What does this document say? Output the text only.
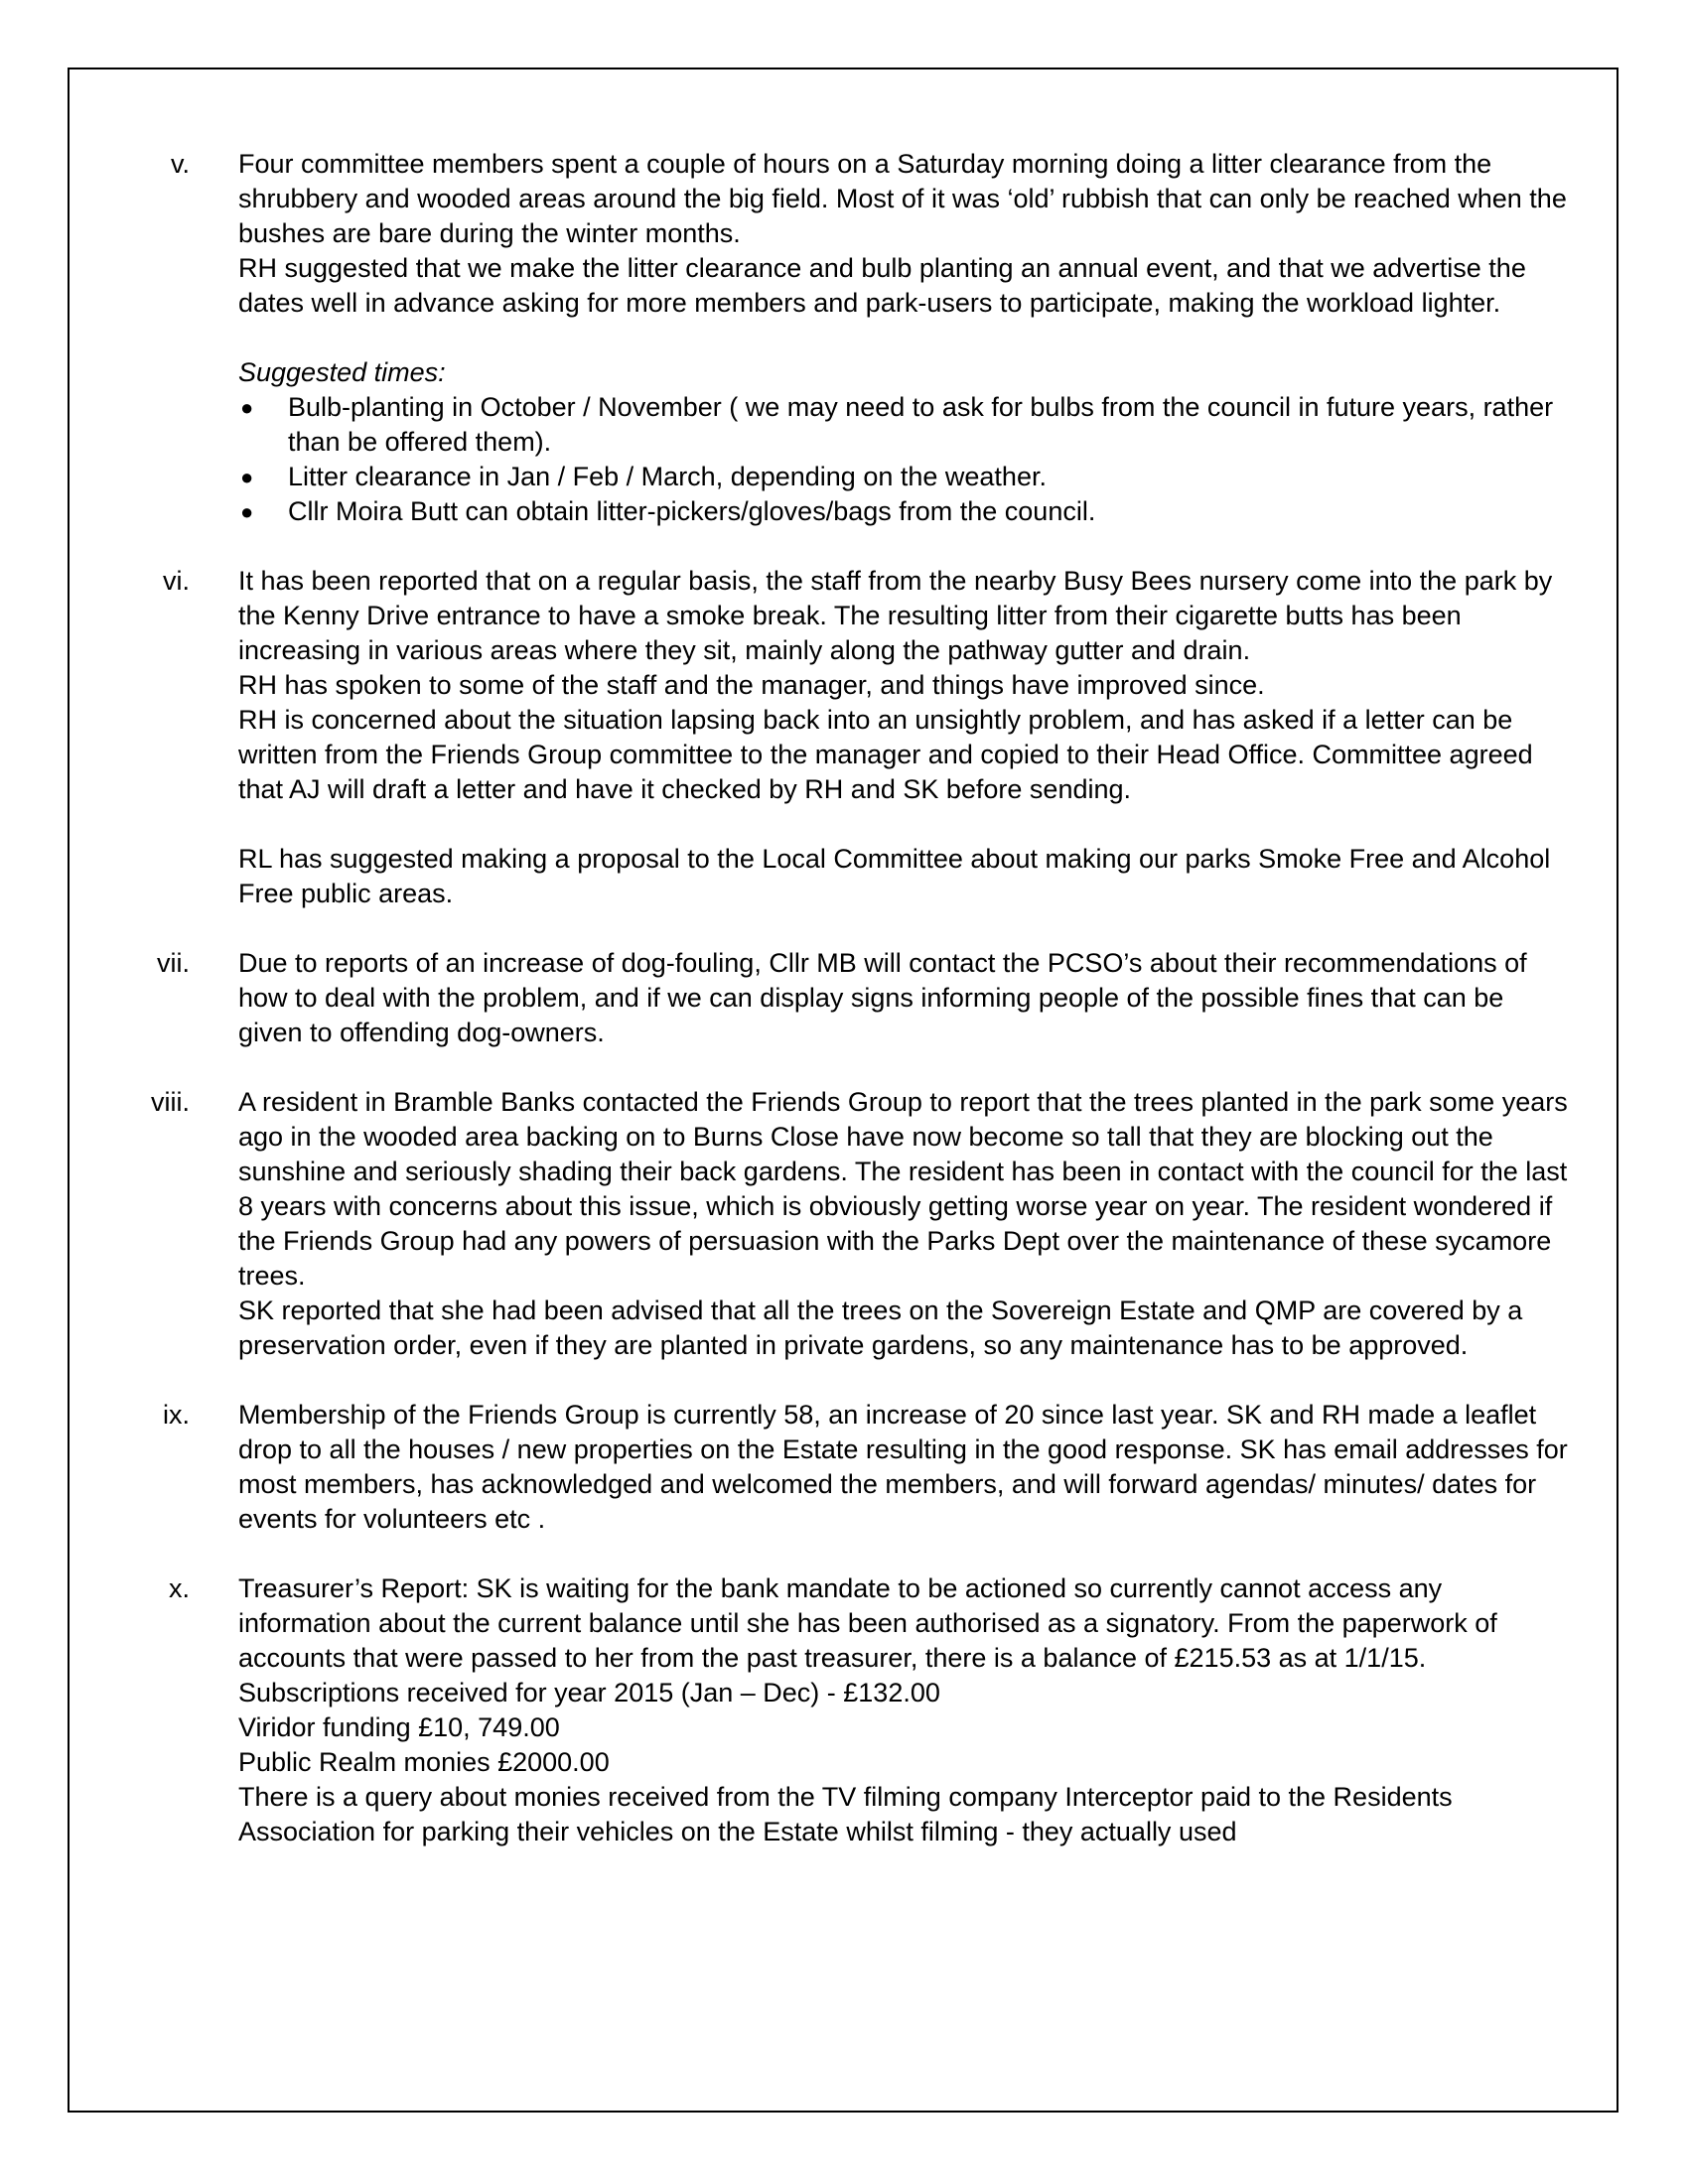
v. Four committee members spent a couple of hours on a Saturday morning doing a litter clearance from the shrubbery and wooded areas around the big field. Most of it was ‘old’ rubbish that can only be reached when the bushes are bare during the winter months.

RH suggested that we make the litter clearance and bulb planting an annual event, and that we advertise the dates well in advance asking for more members and park-users to participate, making the workload lighter.

Suggested times:

● Bulb-planting in October / November ( we may need to ask for bulbs from the council in future years, rather than be offered them).
● Litter clearance in Jan / Feb / March, depending on the weather.
● Cllr Moira Butt can obtain litter-pickers/gloves/bags from the council.
vi. It has been reported that on a regular basis, the staff from the nearby Busy Bees nursery come into the park by the Kenny Drive entrance to have a smoke break. The resulting litter from their cigarette butts has been increasing in various areas where they sit, mainly along the pathway gutter and drain.

RH has spoken to some of the staff and the manager, and things have improved since.

RH is concerned about the situation lapsing back into an unsightly problem, and has asked if a letter can be written from the Friends Group committee to the manager and copied to their Head Office. Committee agreed that AJ will draft a letter and have it checked by RH and SK before sending.

RL has suggested making a proposal to the Local Committee about making our parks Smoke Free and Alcohol Free public areas.

vii. Due to reports of an increase of dog-fouling, Cllr MB will contact the PCSO’s about their recommendations of how to deal with the problem, and if we can display signs informing people of the possible fines that can be given to offending dog-owners.

viii. A resident in Bramble Banks contacted the Friends Group to report that the trees planted in the park some years ago in the wooded area backing on to Burns Close have now become so tall that they are blocking out the sunshine and seriously shading their back gardens. The resident has been in contact with the council for the last 8 years with concerns about this issue, which is obviously getting worse year on year. The resident wondered if the Friends Group had any powers of persuasion with the Parks Dept over the maintenance of these sycamore trees.

SK reported that she had been advised that all the trees on the Sovereign Estate and QMP are covered by a preservation order, even if they are planted in private gardens, so any maintenance has to be approved.

ix. Membership of the Friends Group is currently 58, an increase of 20 since last year. SK and RH made a leaflet drop to all the houses / new properties on the Estate resulting in the good response. SK has email addresses for most members, has acknowledged and welcomed the members, and will forward agendas/ minutes/ dates for events for volunteers etc .

x. Treasurer’s Report: SK is waiting for the bank mandate to be actioned so currently cannot access any information about the current balance until she has been authorised as a signatory. From the paperwork of accounts that were passed to her from the past treasurer, there is a balance of £215.53 as at 1/1/15. Subscriptions received for year 2015 (Jan – Dec) - £132.00

Viridor funding £10, 749.00

Public Realm monies £2000.00

There is a query about monies received from the TV filming company Interceptor paid to the Residents Association for parking their vehicles on the Estate whilst filming - they actually used
